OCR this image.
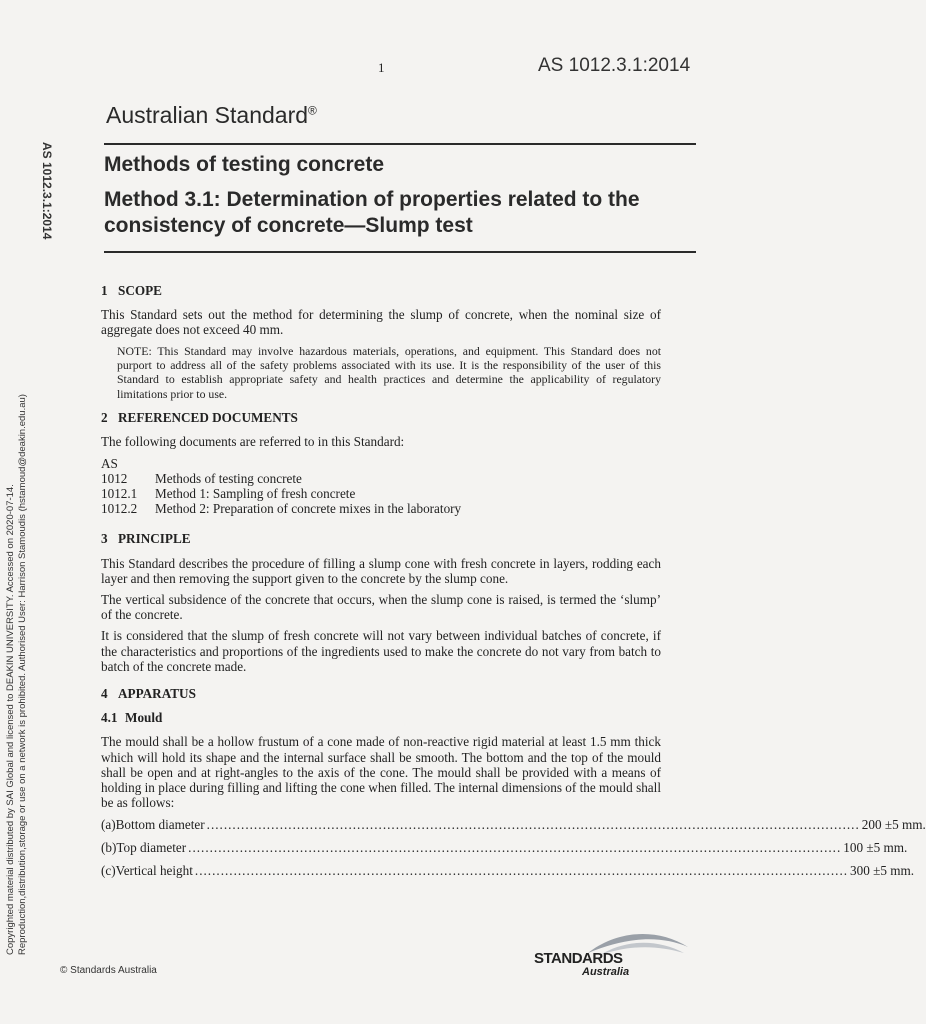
1	AS 1012.3.1:2014
Australian Standard®
AS 1012.3.1:2014 Methods of testing concrete
Method 3.1: Determination of properties related to the consistency of concrete—Slump test
1 SCOPE
This Standard sets out the method for determining the slump of concrete, when the nominal size of aggregate does not exceed 40 mm.
NOTE: This Standard may involve hazardous materials, operations, and equipment. This Standard does not purport to address all of the safety problems associated with its use. It is the responsibility of the user of this Standard to establish appropriate safety and health practices and determine the applicability of regulatory limitations prior to use.
2 REFERENCED DOCUMENTS
The following documents are referred to in this Standard:
AS
1012	Methods of testing concrete
1012.1	Method 1: Sampling of fresh concrete
1012.2	Method 2: Preparation of concrete mixes in the laboratory
3 PRINCIPLE
This Standard describes the procedure of filling a slump cone with fresh concrete in layers, rodding each layer and then removing the support given to the concrete by the slump cone.
The vertical subsidence of the concrete that occurs, when the slump cone is raised, is termed the ‘slump’ of the concrete.
It is considered that the slump of fresh concrete will not vary between individual batches of concrete, if the characteristics and proportions of the ingredients used to make the concrete do not vary from batch to batch of the concrete made.
4 APPARATUS
4.1 Mould
The mould shall be a hollow frustum of a cone made of non-reactive rigid material at least 1.5 mm thick which will hold its shape and the internal surface shall be smooth. The bottom and the top of the mould shall be open and at right-angles to the axis of the cone. The mould shall be provided with a means of holding in place during filling and lifting the cone when filled. The internal dimensions of the mould shall be as follows:
(a) Bottom diameter ........................................................................................................................................................ 200 ±5 mm.
(b) Top diameter ........................................................................................................................................................ 100 ±5 mm.
(c) Vertical height ........................................................................................................................................................ 300 ±5 mm.
Copyrighted material distributed by SAI Global and licensed to DEAKIN UNIVERSITY. Accessed on 2020-07-14. Reproduction,distribution,storage or use on a network is prohibited. Authorised User: Harrison Stamoudis (hstamoud@deakin.edu.au)
© Standards Australia
STANDARDS
Australia
